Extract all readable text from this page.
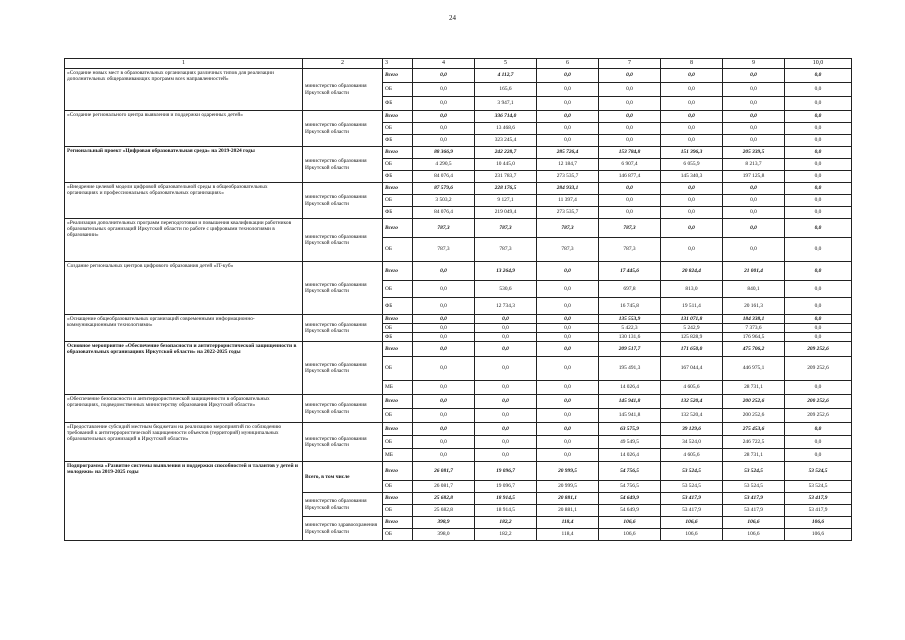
24
1	2	3	4	5	6	7	8	9	10,0
«Создание новых мест в образовательных организациях различных типов для реализации дополнительных общеразвивающих программ всех направленностей»	министерство образования Иркутской области	Всего	0,0	4 112,7	0,0	0,0	0,0	0,0	0,0
		ОБ	0,0	165,6	0,0	0,0	0,0	0,0	0,0
		ФБ	0,0	3 947,1	0,0	0,0	0,0	0,0	0,0
«Создание регионального центра выявления и поддержки одаренных детей»	министерство образования Иркутской области	Всего	0,0	336 714,0	0,0	0,0	0,0	0,0	0,0
		ОБ	0,0	13 468,6	0,0	0,0	0,0	0,0	0,0
		ФБ	0,0	323 245,4	0,0	0,0	0,0	0,0	0,0
Региональный проект «Цифровая образовательная среда» на 2019-2024 годы	министерство образования Иркутской области	Всего	88 366,9	242 228,7	285 726,4	153 784,8	151 396,3	205 339,5	0,0
		ОБ	4 290,5	10 445,0	12 184,7	6 907,4	6 055,9	8 213,7	0,0
		ФБ	84 076,4	231 783,7	273 535,7	146 877,4	145 340,3	197 125,8	0,0
«Внедрение целевой модели цифровой образовательной среды в общеобразовательных организациях и профессиональных образовательных организациях»	министерство образования Иркутской области	Всего	87 579,6	228 176,5	284 933,1	0,0	0,0	0,0	0,0
		ОБ	3 503,2	9 127,1	11 397,4	0,0	0,0	0,0	0,0
		ФБ	84 076,4	219 049,4	273 535,7	0,0	0,0	0,0	0,0
«Реализация дополнительных программ переподготовки и повышения квалификации работников образовательных организаций Иркутской области по работе с цифровыми технологиями в образовании»	министерство образования Иркутской области	Всего	787,3	787,3	787,3	787,3	0,0	0,0	0,0
		ОБ	787,3	787,3	787,3	787,3	0,0	0,0	0,0
Создание региональных центров цифрового образования детей «IT-куб»	министерство образования Иркутской области	Всего	0,0	13 264,9	0,0	17 445,6	20 824,4	21 001,4	0,0
		ОБ	0,0	530,6	0,0	697,8	813,0	840,1	0,0
		ФБ	0,0	12 734,3	0,0	16 745,8	19 511,4	20 161,3	0,0
«Оснащение общеобразовательных организаций современными информационно-коммуникационными технологиями»	министерство образования Иркутской области	Всего	0,0	0,0	0,0	135 553,9	131 071,8	184 338,1	0,0
		ОБ	0,0	0,0	0,0	5 422,3	5 242,9	7 373,6	0,0
		ФБ	0,0	0,0	0,0	130 131,6	125 828,9	176 964,5	0,0
Основное мероприятие «Обеспечение безопасности и антитеррористической защищенности в образовательных организациях Иркутской области» на 2022-2025 годы	министерство образования Иркутской области	Всего	0,0	0,0	0,0	209 517,7	171 650,0	475 706,2	209 252,6
		ОБ	0,0	0,0	0,0	195 491,3	167 044,4	446 975,1	209 252,6
		МБ	0,0	0,0	0,0	14 026,4	4 605,6	28 731,1	0,0
«Обеспечение безопасности и антитеррористической защищенности в образовательных организациях, подведомственных министерству образования Иркутской области»	министерство образования Иркутской области	Всего	0,0	0,0	0,0	145 941,8	132 520,4	200 252,6	200 252,6
		ОБ	0,0	0,0	0,0	145 941,8	132 520,4	200 252,6	209 252,6
«Предоставление субсидий местным бюджетам на реализацию мероприятий по соблюдению требований к антитеррористической защищенности объектов (территорий) муниципальных образовательных организаций в Иркутской области»	министерство образования Иркутской области	Всего	0,0	0,0	0,0	63 575,9	39 129,6	275 453,6	0,0
		ОБ	0,0	0,0	0,0	49 549,5	34 524,0	246 722,5	0,0
		МБ	0,0	0,0	0,0	14 026,4	4 605,6	28 731,1	0,0
Подпрограмма «Развитие системы выявления и поддержки способностей и талантов у детей и молодежи» на 2019-2025 годы	Всего, в том числе	Всего	26 081,7	19 096,7	20 999,5	54 756,5	53 524,5	53 524,5	53 524,5
		ОБ	26 081,7	19 096,7	20 999,5	54 756,5	53 524,5	53 524,5	53 524,5
	министерство образования Иркутской области	Всего	25 682,8	18 914,5	20 881,1	54 649,9	53 417,9	53 417,9	53 417,9
		ОБ	25 682,8	18 914,5	20 881,1	54 649,9	53 417,9	53 417,9	53 417,9
	министерство здравоохранения Иркутской области	Всего	398,9	182,2	118,4	106,6	106,6	106,6	106,6
		ОБ	398,0	182,2	118,4	106,6	106,6	106,6	106,6
